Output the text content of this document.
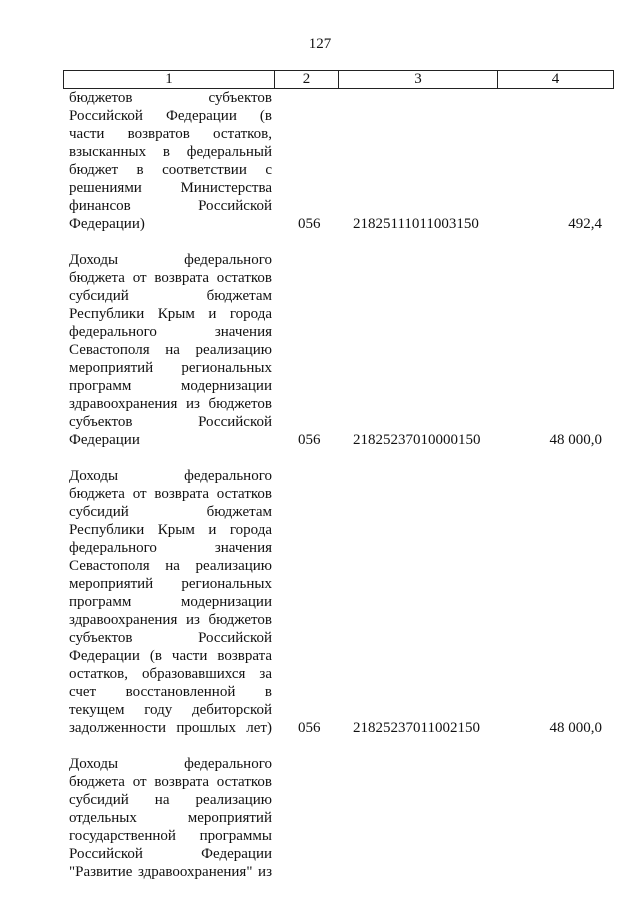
127
1	2	3	4
бюджетов субъектов
Российской Федерации (в
части возвратов остатков,
взысканных в федеральный
бюджет в соответствии с
решениями Министерства
финансов Российской
Федерации)	056 21825111011003150	492,4
Доходы федерального
бюджета от возврата остатков
субсидий бюджетам
Республики Крым и города
федерального значения
Севастополя на реализацию
мероприятий региональных
программ модернизации
здравоохранения из бюджетов
субъектов Российской
Федерации	056 21825237010000150	48 000,0
Доходы федерального
бюджета от возврата остатков
субсидий бюджетам
Республики Крым и города
федерального значения
Севастополя на реализацию
мероприятий региональных
программ модернизации
здравоохранения из бюджетов
субъектов Российской
Федерации (в части возврата
остатков, образовавшихся за
счет восстановленной в
текущем году дебиторской
задолженности прошлых лет) 056 21825237011002150	48 000,0
Доходы федерального
бюджета от возврата остатков
субсидий на реализацию
отдельных мероприятий
государственной программы
Российской Федерации
"Развитие здравоохранения" из
